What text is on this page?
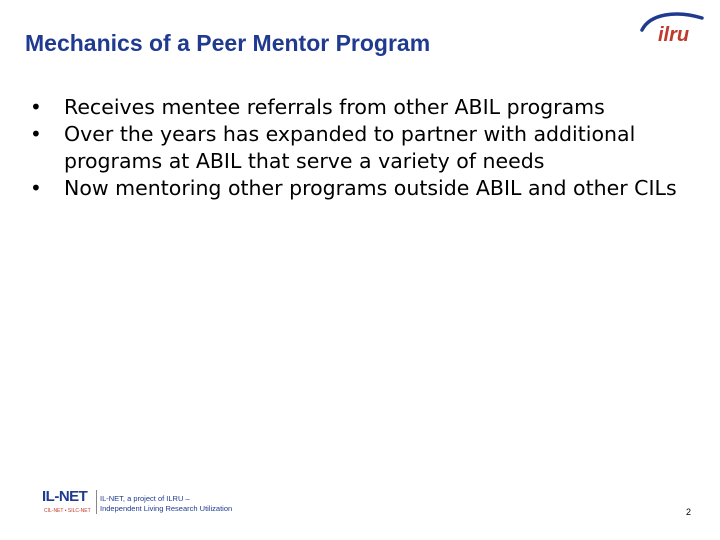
Mechanics of a Peer Mentor Program	ilru
• Receives mentee referrals from other ABIL programs
• Over the years has expanded to partner with additional programs at ABIL that serve a variety of needs
• Now mentoring other programs outside ABIL and other CILs
IL-NET
CIL-NET • SILC-NET
IL-NET, a project of ILRU –
Independent Living Research Utilization	2
